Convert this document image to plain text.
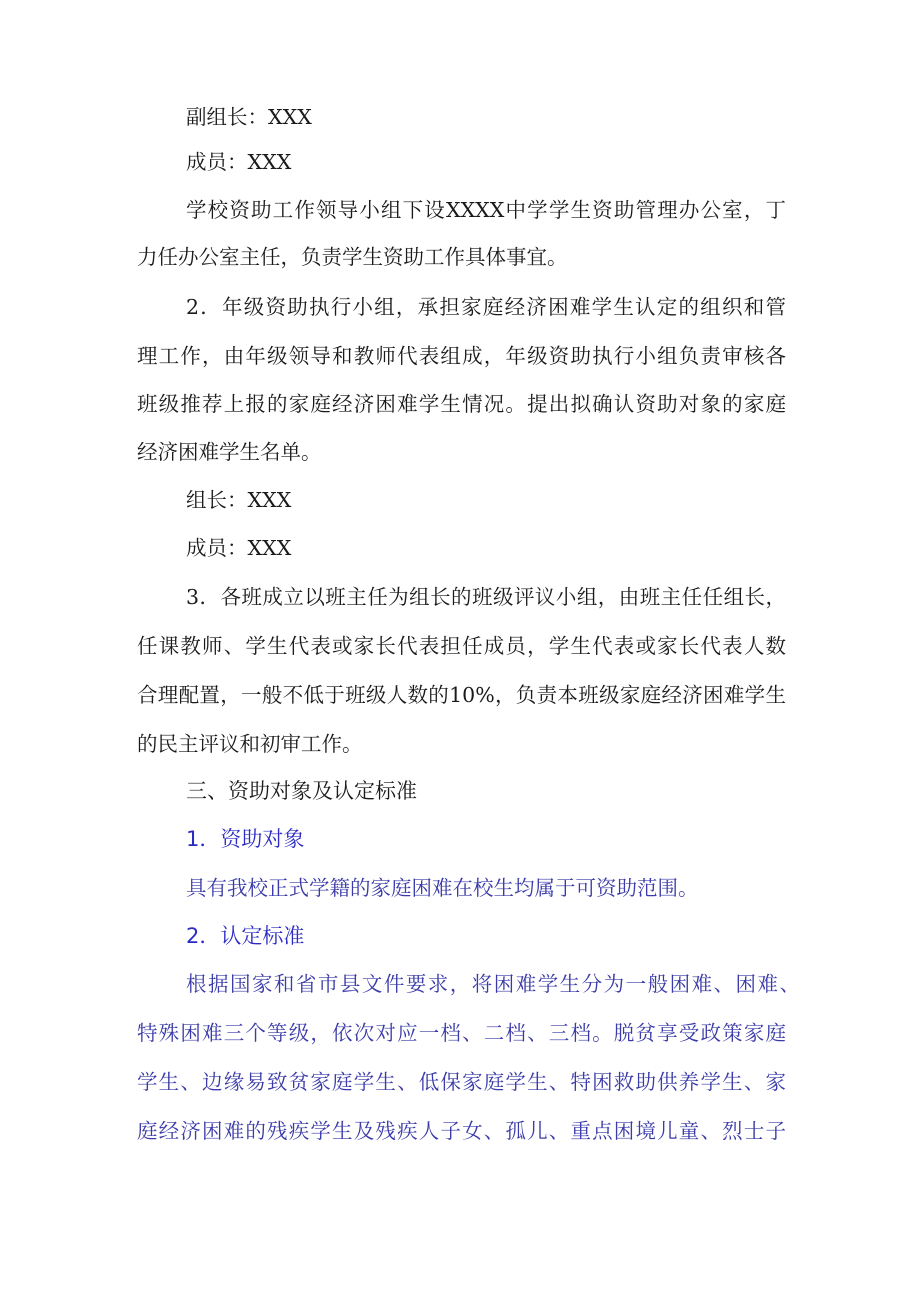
副组长：XXX
成员：XXX
学校资助工作领导小组下设XXXX中学学生资助管理办公室，丁
力任办公室主任，负责学生资助工作具体事宜。
2．年级资助执行小组，承担家庭经济困难学生认定的组织和管
理工作，由年级领导和教师代表组成，年级资助执行小组负责审核各
班级推荐上报的家庭经济困难学生情况。提出拟确认资助对象的家庭
经济困难学生名单。
组长：XXX
成员：XXX
3．各班成立以班主任为组长的班级评议小组，由班主任任组长，
任课教师、学生代表或家长代表担任成员，学生代表或家长代表人数
合理配置，一般不低于班级人数的10%，负责本班级家庭经济困难学生
的民主评议和初审工作。
三、资助对象及认定标准
1．资助对象
具有我校正式学籍的家庭困难在校生均属于可资助范围。
2．认定标准
根据国家和省市县文件要求，将困难学生分为一般困难、困难、
特殊困难三个等级，依次对应一档、二档、三档。脱贫享受政策家庭
学生、边缘易致贫家庭学生、低保家庭学生、特困救助供养学生、家
庭经济困难的残疾学生及残疾人子女、孤儿、重点困境儿童、烈士子
